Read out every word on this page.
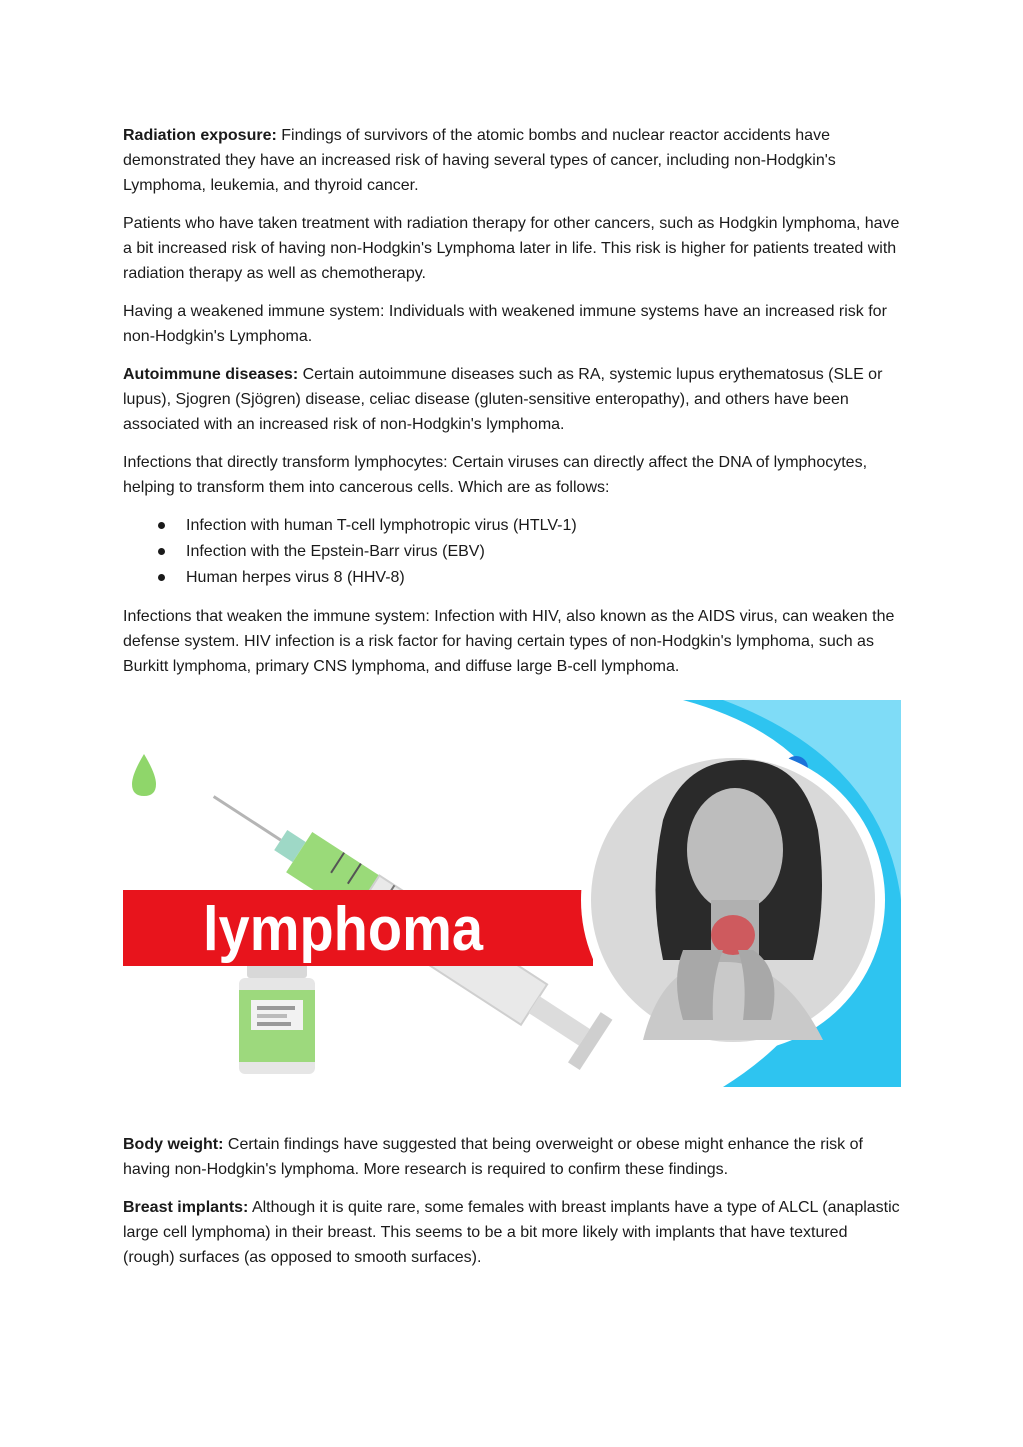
Radiation exposure: Findings of survivors of the atomic bombs and nuclear reactor accidents have demonstrated they have an increased risk of having several types of cancer, including non-Hodgkin's Lymphoma, leukemia, and thyroid cancer.

Patients who have taken treatment with radiation therapy for other cancers, such as Hodgkin lymphoma, have a bit increased risk of having non-Hodgkin's Lymphoma later in life. This risk is higher for patients treated with radiation therapy as well as chemotherapy.

Having a weakened immune system: Individuals with weakened immune systems have an increased risk for non-Hodgkin's Lymphoma.

Autoimmune diseases: Certain autoimmune diseases such as RA, systemic lupus erythematosus (SLE or lupus), Sjogren (Sjögren) disease, celiac disease (gluten-sensitive enteropathy), and others have been associated with an increased risk of non-Hodgkin's lymphoma.

Infections that directly transform lymphocytes: Certain viruses can directly affect the DNA of lymphocytes, helping to transform them into cancerous cells. Which are as follows:

Infection with human T-cell lymphotropic virus (HTLV-1)
Infection with the Epstein-Barr virus (EBV)
Human herpes virus 8 (HHV-8)

Infections that weaken the immune system: Infection with HIV, also known as the AIDS virus, can weaken the defense system. HIV infection is a risk factor for having certain types of non-Hodgkin's lymphoma, such as Burkitt lymphoma, primary CNS lymphoma, and diffuse large B-cell lymphoma.

lymphoma

Body weight: Certain findings have suggested that being overweight or obese might enhance the risk of having non-Hodgkin's lymphoma. More research is required to confirm these findings.

Breast implants: Although it is quite rare, some females with breast implants have a type of ALCL (anaplastic large cell lymphoma) in their breast. This seems to be a bit more likely with implants that have textured (rough) surfaces (as opposed to smooth surfaces).
